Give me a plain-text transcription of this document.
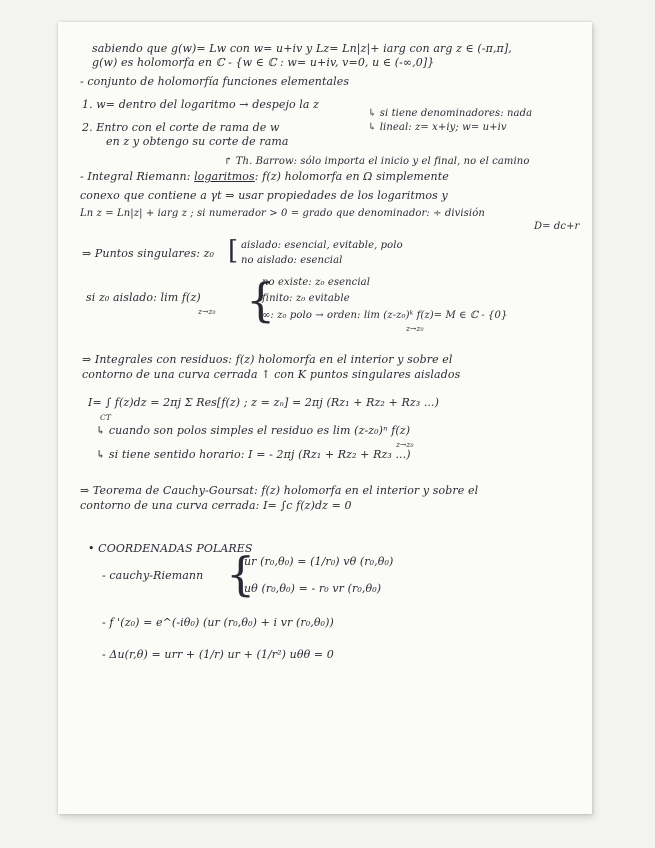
sabiendo que g(w)= Lw con w= u+iv y Lz= Ln|z|+ iarg con arg z ∈ (-π,π],
g(w) es holomorfa en ℂ - {w ∈ ℂ : w= u+iv, v=0, u ∈ (-∞,0]}
- conjunto de holomorfía funciones elementales
1. w= dentro del logaritmo → despejo la z
↳ si tiene denominadores: nada
2. Entro con el corte de rama de w	↳ lineal: z= x+iy; w= u+iv
en z y obtengo su corte de rama
↱ Th. Barrow: sólo importa el inicio y el final, no el camino
- Integral Riemann: logaritmos: f(z) holomorfa en Ω simplemente
conexo que contiene a γt ⇒ usar propiedades de los logaritmos y
Ln z = Ln|z| + iarg z ; si numerador > 0 = grado que denominador: ÷ división
D= dc+r
⇒ Puntos singulares: z₀ [ aislado: esencial, evitable, polo
no aislado: esencial
si z₀ aislado: lim f(z)
z→z₀ {
no existe: z₀ esencial
finito: z₀ evitable
∞: z₀ polo → orden: lim (z-z₀)ᵏ f(z)= M ∈ ℂ - {0}
z→z₀
⇒ Integrales con residuos: f(z) holomorfa en el interior y sobre el
contorno de una curva cerrada ↑ con K puntos singulares aislados
I= ∫ f(z)dz = 2πj Σ Res[f(z) ; z = zₙ] = 2πj (Rz₁ + Rz₂ + Rz₃ ...)
CT
↳ cuando son polos simples el residuo es lim (z-z₀)ⁿ f(z)
z→z₀
↳ si tiene sentido horario: I = - 2πj (Rz₁ + Rz₂ + Rz₃ ...)
⇒ Teorema de Cauchy-Goursat: f(z) holomorfa en el interior y sobre el
contorno de una curva cerrada: I= ∫c f(z)dz = 0
• COORDENADAS POLARES
- cauchy-Riemann {
ur (r₀,θ₀) = (1/r₀) vθ (r₀,θ₀)
uθ (r₀,θ₀) = - r₀ vr (r₀,θ₀)
- f '(z₀) = e^(-iθ₀) (ur (r₀,θ₀) + i vr (r₀,θ₀))
- Δu(r,θ) = urr + (1/r) ur + (1/r²) uθθ = 0
